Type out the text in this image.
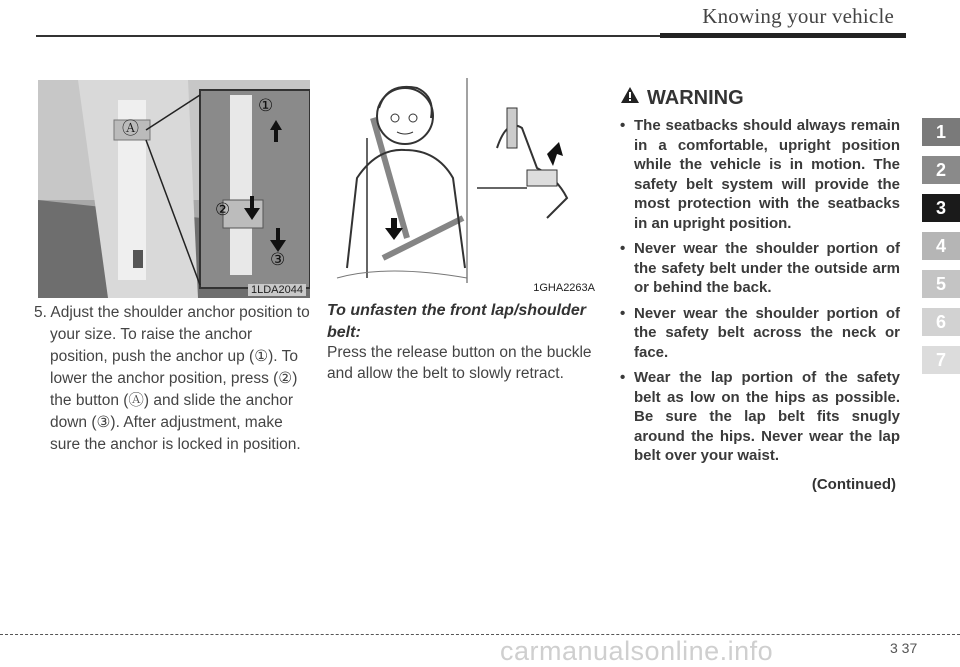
Knowing your vehicle
Ⓐ
①
②
③
1LDA2044

5. Adjust the shoulder anchor position to your size. To raise the anchor position, push the anchor up (①). To lower the anchor position, press (②) the button (Ⓐ) and slide the anchor down (③). After adjustment, make sure the anchor is locked in position.

1GHA2263A
To unfasten the front lap/shoulder belt:
Press the release button on the buckle and allow the belt to slowly retract.
WARNING
• The seatbacks should always remain in a comfortable, upright position while the vehicle is in motion. The safety belt system will provide the most protection with the seatbacks in an upright position.
• Never wear the shoulder portion of the safety belt under the outside arm or behind the back.
• Never wear the shoulder portion of the safety belt across the neck or face.
• Wear the lap portion of the safety belt as low on the hips as possible. Be sure the lap belt fits snugly around the hips. Never wear the lap belt over your waist.
(Continued)
1
2
3
4
5
6
7
carmanualsonline.info	3 37
